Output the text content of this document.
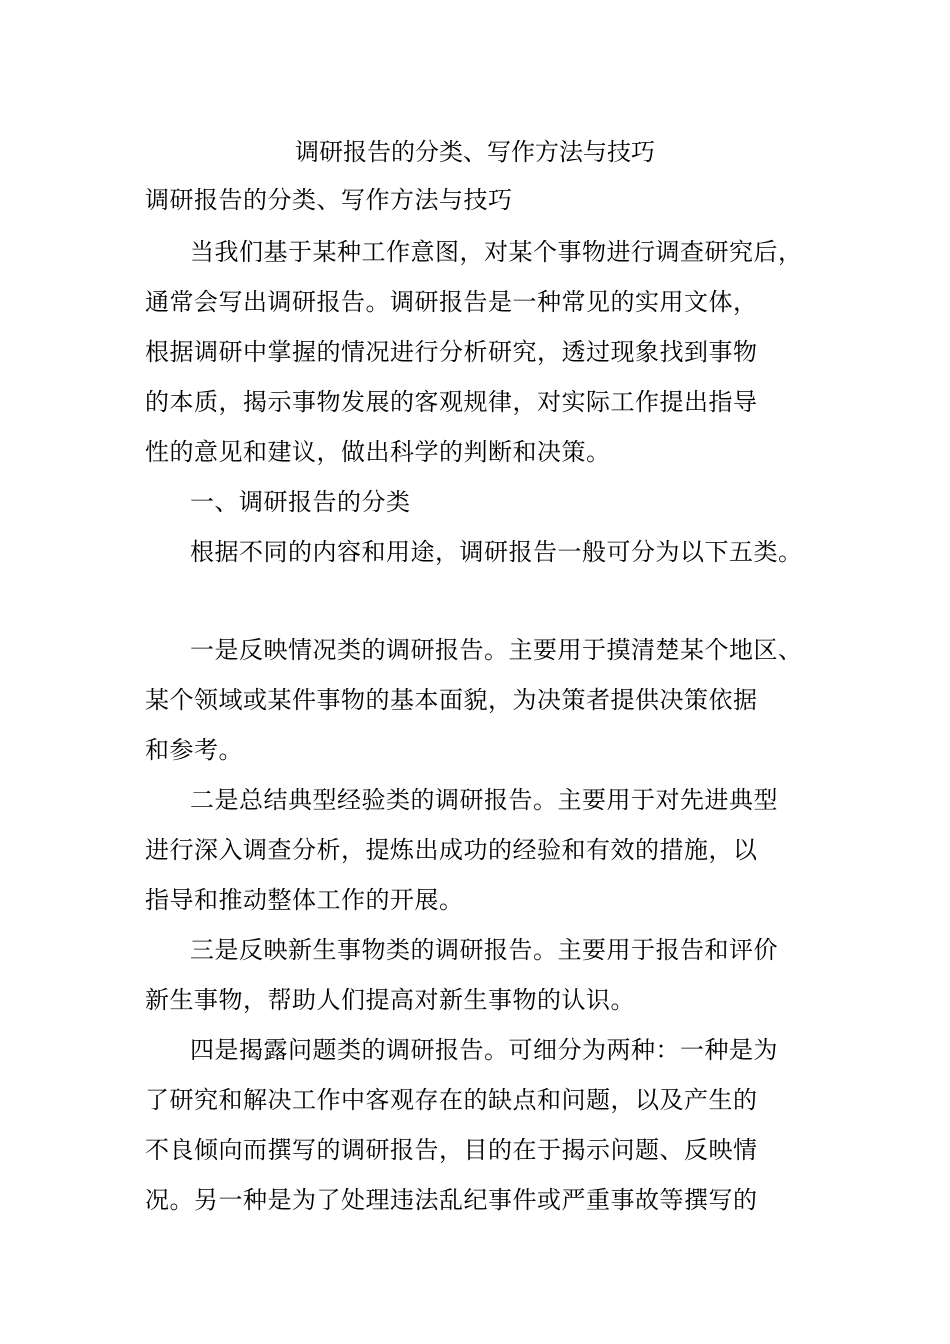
调研报告的分类、写作方法与技巧
调研报告的分类、写作方法与技巧
当我们基于某种工作意图，对某个事物进行调查研究后，
通常会写出调研报告。调研报告是一种常见的实用文体，
根据调研中掌握的情况进行分析研究，透过现象找到事物
的本质，揭示事物发展的客观规律，对实际工作提出指导
性的意见和建议，做出科学的判断和决策。
一、调研报告的分类
根据不同的内容和用途，调研报告一般可分为以下五类。
一是反映情况类的调研报告。主要用于摸清楚某个地区、
某个领域或某件事物的基本面貌，为决策者提供决策依据
和参考。
二是总结典型经验类的调研报告。主要用于对先进典型
进行深入调查分析，提炼出成功的经验和有效的措施，以
指导和推动整体工作的开展。
三是反映新生事物类的调研报告。主要用于报告和评价
新生事物，帮助人们提高对新生事物的认识。
四是揭露问题类的调研报告。可细分为两种：一种是为
了研究和解决工作中客观存在的缺点和问题，以及产生的
不良倾向而撰写的调研报告，目的在于揭示问题、反映情
况。另一种是为了处理违法乱纪事件或严重事故等撰写的
